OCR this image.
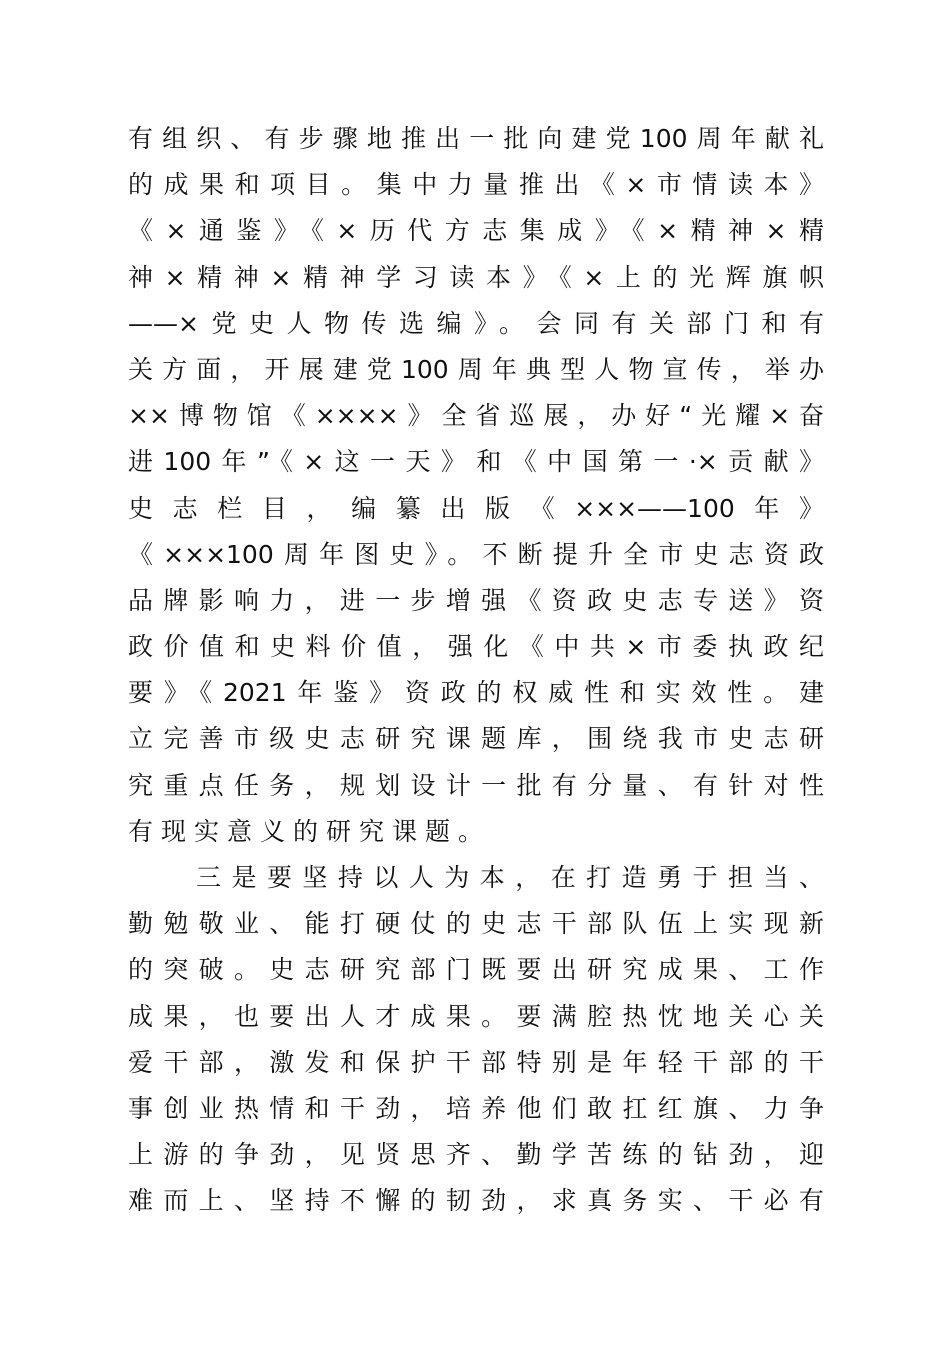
有组织、有步骤地推出一批向建党100周年献礼
的成果和项目。集中力量推出《×市情读本》
《×通鉴》《×历代方志集成》《×精神×精
神×精神×精神学习读本》《×上的光辉旗帜
——×党史人物传选编》。会同有关部门和有
关方面，开展建党100周年典型人物宣传，举办
××博物馆《××××》全省巡展，办好“光耀×奋
进100年”《×这一天》和《中国第一·×贡献》
史志栏目，编纂出版《×××——100年》
《×××100周年图史》。不断提升全市史志资政
品牌影响力，进一步增强《资政史志专送》资
政价值和史料价值，强化《中共×市委执政纪
要》《2021年鉴》资政的权威性和实效性。建
立完善市级史志研究课题库，围绕我市史志研
究重点任务，规划设计一批有分量、有针对性
有现实意义的研究课题。
三是要坚持以人为本，在打造勇于担当、
勤勉敬业、能打硬仗的史志干部队伍上实现新
的突破。史志研究部门既要出研究成果、工作
成果，也要出人才成果。要满腔热忱地关心关
爱干部，激发和保护干部特别是年轻干部的干
事创业热情和干劲，培养他们敢扛红旗、力争
上游的争劲，见贤思齐、勤学苦练的钻劲，迎
难而上、坚持不懈的韧劲，求真务实、干必有
